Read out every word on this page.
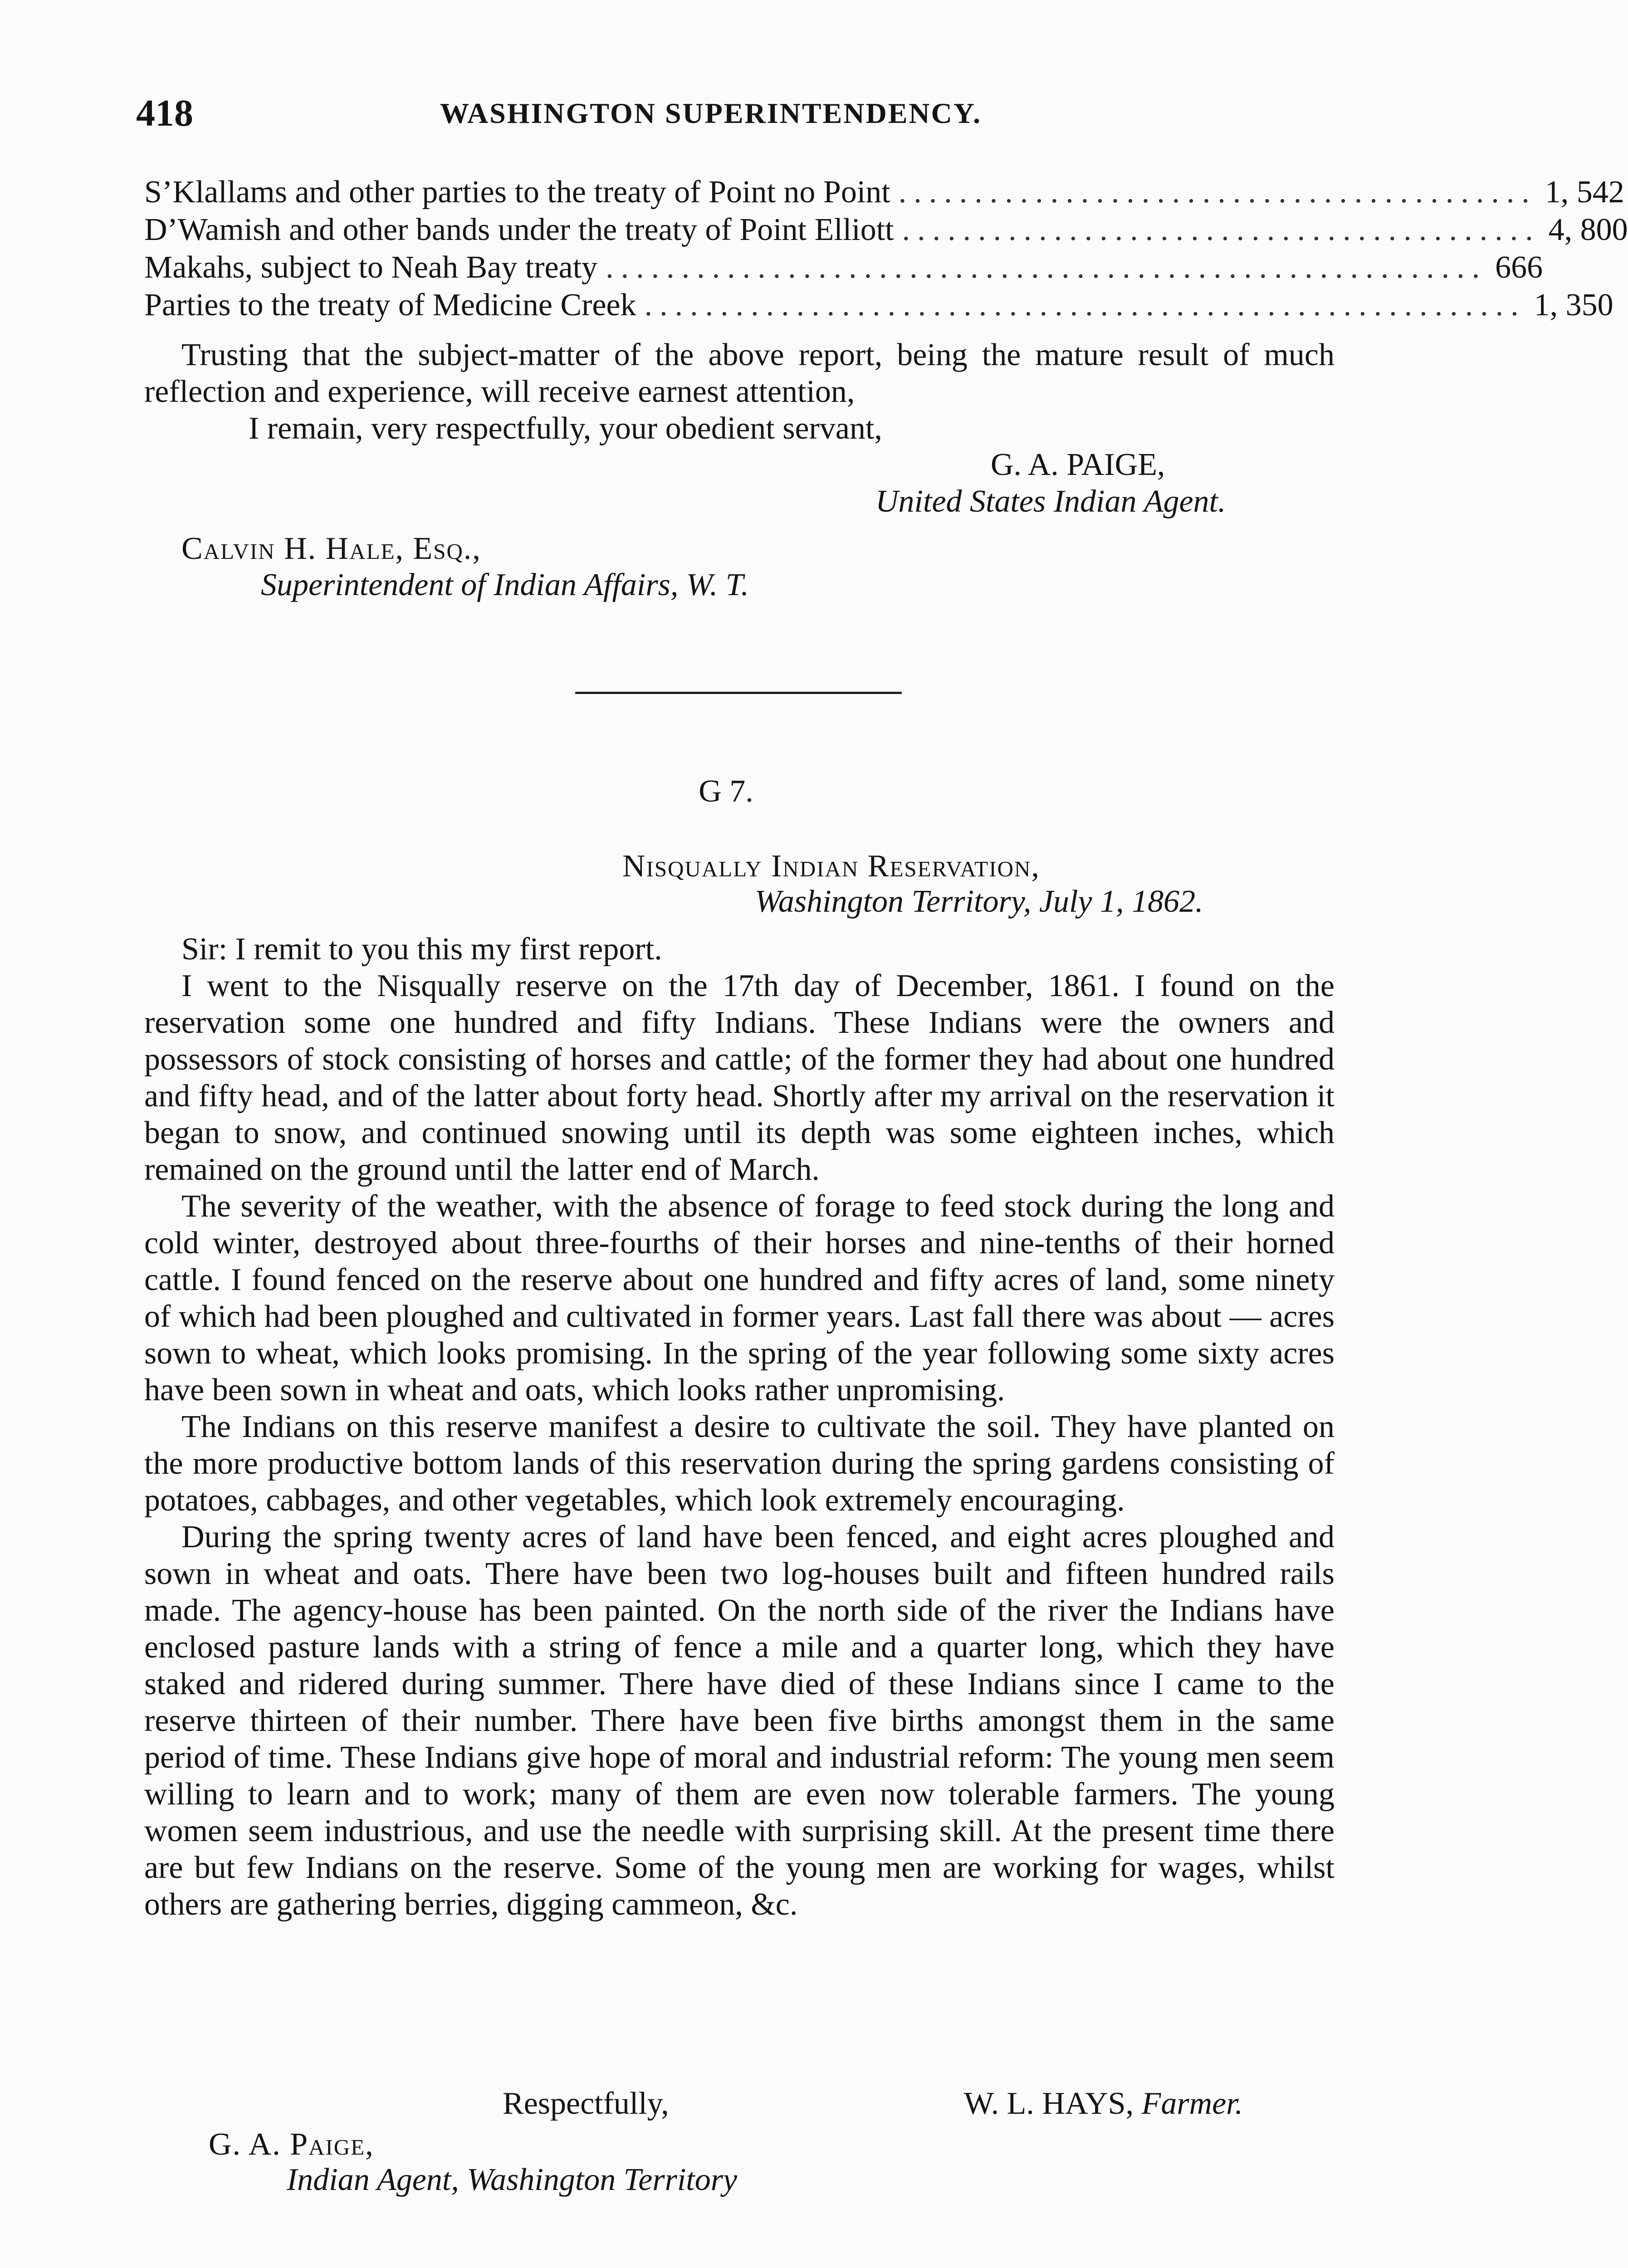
418	WASHINGTON SUPERINTENDENCY.
S’Klallams and other parties to the treaty of Point no Point .......................................... 1, 542
D’Wamish and other bands under the treaty of Point Elliott .......................................... 4, 800
Makahs, subject to Neah Bay treaty .......................................................... 666
Parties to the treaty of Medicine Creek .......................................................... 1, 350

Trusting that the subject-matter of the above report, being the mature result of much reflection and experience, will receive earnest attention,

I remain, very respectfully, your obedient servant,
G. A. PAIGE,
United States Indian Agent.
Calvin H. Hale, Esq.,
Superintendent of Indian Affairs, W. T.
G 7.
Nisqually Indian Reservation,
Washington Territory, July 1, 1862.

Sir: I remit to you this my first report.

I went to the Nisqually reserve on the 17th day of December, 1861. I found on the reservation some one hundred and fifty Indians. These Indians were the owners and possessors of stock consisting of horses and cattle; of the former they had about one hundred and fifty head, and of the latter about forty head. Shortly after my arrival on the reservation it began to snow, and continued snowing until its depth was some eighteen inches, which remained on the ground until the latter end of March.

The severity of the weather, with the absence of forage to feed stock during the long and cold winter, destroyed about three-fourths of their horses and nine-tenths of their horned cattle. I found fenced on the reserve about one hundred and fifty acres of land, some ninety of which had been ploughed and cultivated in former years. Last fall there was about — acres sown to wheat, which looks promising. In the spring of the year following some sixty acres have been sown in wheat and oats, which looks rather unpromising.

The Indians on this reserve manifest a desire to cultivate the soil. They have planted on the more productive bottom lands of this reservation during the spring gardens consisting of potatoes, cabbages, and other vegetables, which look extremely encouraging.

During the spring twenty acres of land have been fenced, and eight acres ploughed and sown in wheat and oats. There have been two log-houses built and fifteen hundred rails made. The agency-house has been painted. On the north side of the river the Indians have enclosed pasture lands with a string of fence a mile and a quarter long, which they have staked and ridered during summer. There have died of these Indians since I came to the reserve thirteen of their number. There have been five births amongst them in the same period of time. These Indians give hope of moral and industrial reform: The young men seem willing to learn and to work; many of them are even now tolerable farmers. The young women seem industrious, and use the needle with surprising skill. At the present time there are but few Indians on the reserve. Some of the young men are working for wages, whilst others are gathering berries, digging cammeon, &c.

Respectfully,	W. L. HAYS, Farmer.
G. A. Paige,
Indian Agent, Washington Territory
